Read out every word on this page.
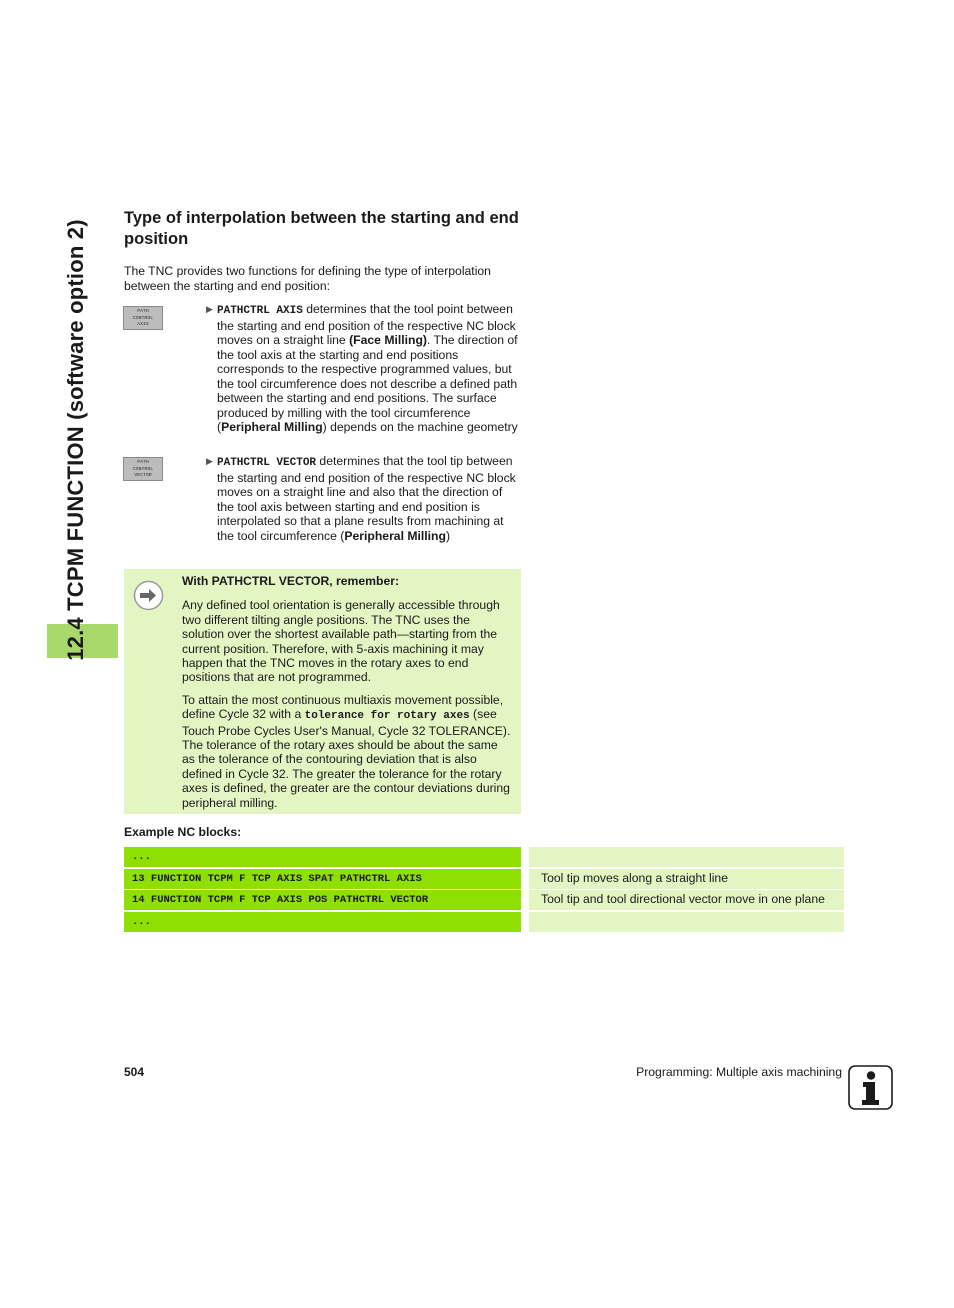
12.4 TCPM FUNCTION (software option 2)
Type of interpolation between the starting and end position
The TNC provides two functions for defining the type of interpolation between the starting and end position:
PATH
CONTROL
AXIS
▶ PATHCTRL AXIS determines that the tool point between the starting and end position of the respective NC block moves on a straight line (Face Milling). The direction of the tool axis at the starting and end positions corresponds to the respective programmed values, but the tool circumference does not describe a defined path between the starting and end positions. The surface produced by milling with the tool circumference (Peripheral Milling) depends on the machine geometry
PATH
CONTROL
VECTOR
▶ PATHCTRL VECTOR determines that the tool tip between the starting and end position of the respective NC block moves on a straight line and also that the direction of the tool axis between starting and end position is interpolated so that a plane results from machining at the tool circumference (Peripheral Milling)

With PATHCTRL VECTOR, remember:

Any defined tool orientation is generally accessible through two different tilting angle positions. The TNC uses the solution over the shortest available path—starting from the current position. Therefore, with 5-axis machining it may happen that the TNC moves in the rotary axes to end positions that are not programmed.

To attain the most continuous multiaxis movement possible, define Cycle 32 with a tolerance for rotary axes (see Touch Probe Cycles User's Manual, Cycle 32 TOLERANCE). The tolerance of the rotary axes should be about the same as the tolerance of the contouring deviation that is also defined in Cycle 32. The greater the tolerance for the rotary axes is defined, the greater are the contour deviations during peripheral milling.

Example NC blocks:
...
13 FUNCTION TCPM F TCP AXIS SPAT PATHCTRL AXIS	Tool tip moves along a straight line
14 FUNCTION TCPM F TCP AXIS POS PATHCTRL VECTOR	Tool tip and tool directional vector move in one plane
...
504	Programming: Multiple axis machining
